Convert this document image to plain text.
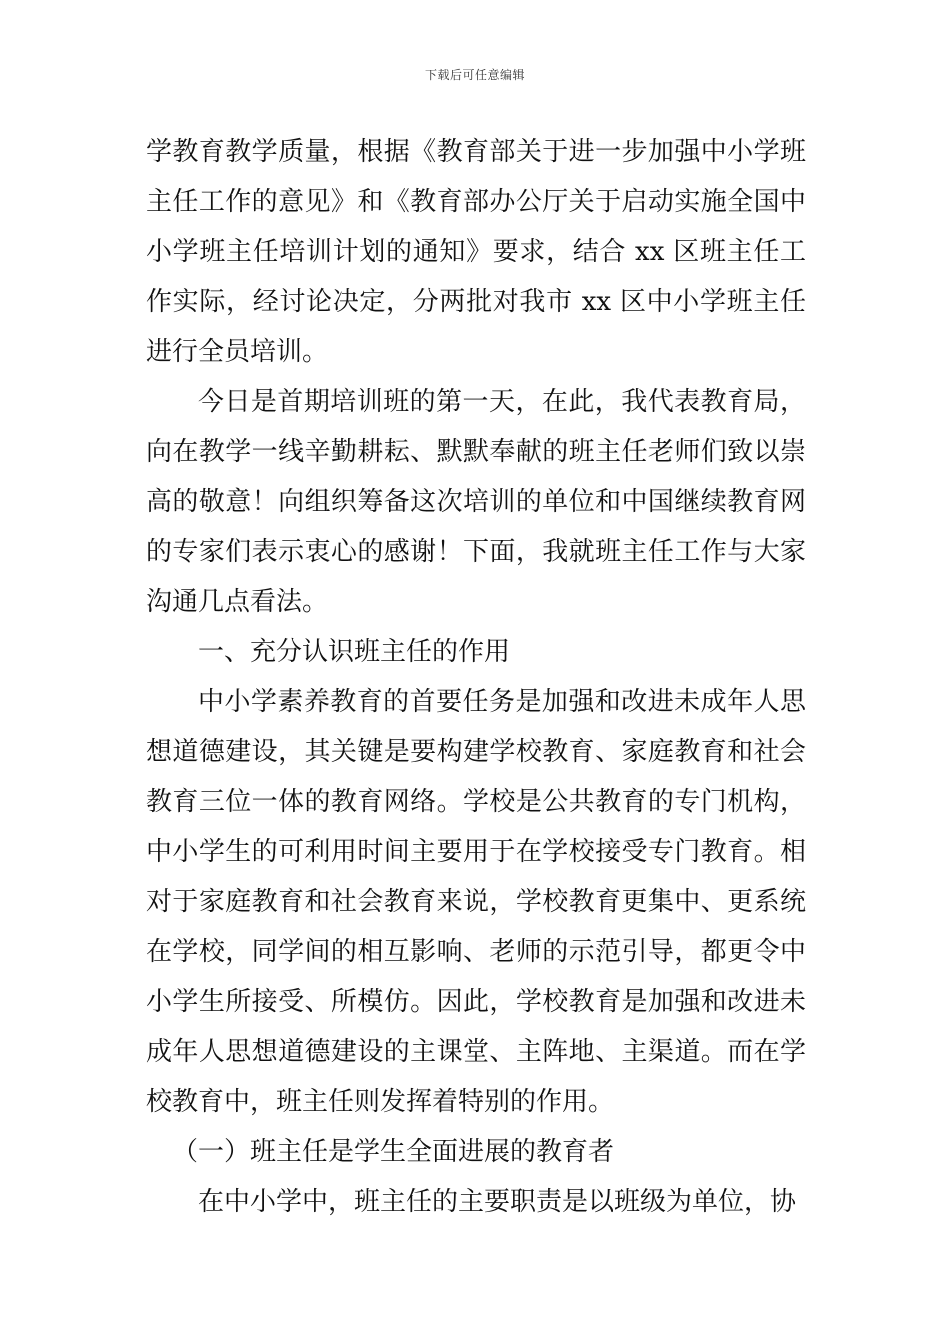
下载后可任意编辑

学教育教学质量，根据《教育部关于进一步加强中小学班主任工作的意见》和《教育部办公厅关于启动实施全国中小学班主任培训计划的通知》要求，结合 xx 区班主任工作实际，经讨论决定，分两批对我市 xx 区中小学班主任进行全员培训。

今日是首期培训班的第一天，在此，我代表教育局，向在教学一线辛勤耕耘、默默奉献的班主任老师们致以崇高的敬意！向组织筹备这次培训的单位和中国继续教育网的专家们表示衷心的感谢！下面，我就班主任工作与大家沟通几点看法。

一、充分认识班主任的作用

中小学素养教育的首要任务是加强和改进未成年人思想道德建设，其关键是要构建学校教育、家庭教育和社会教育三位一体的教育网络。学校是公共教育的专门机构，中小学生的可利用时间主要用于在学校接受专门教育。相对于家庭教育和社会教育来说，学校教育更集中、更系统在学校，同学间的相互影响、老师的示范引导，都更令中小学生所接受、所模仿。因此，学校教育是加强和改进未成年人思想道德建设的主课堂、主阵地、主渠道。而在学校教育中，班主任则发挥着特别的作用。

（一）班主任是学生全面进展的教育者

在中小学中，班主任的主要职责是以班级为单位，协
